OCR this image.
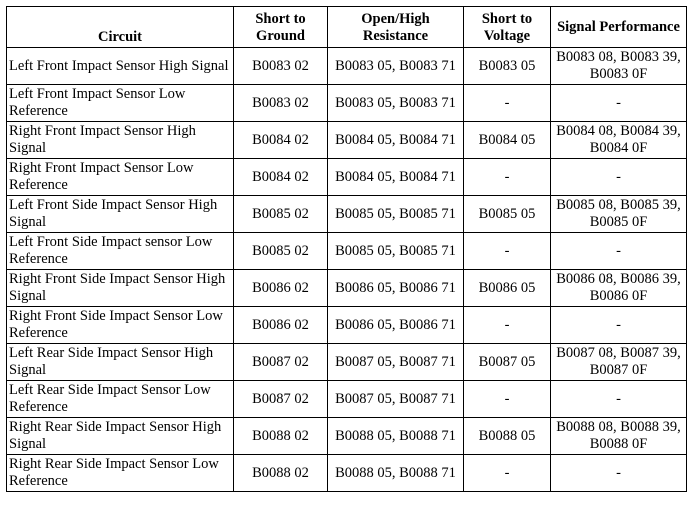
Circuit	Short to Ground	Open/High Resistance	Short to Voltage	Signal Performance
Left Front Impact Sensor High Signal	B0083 02	B0083 05, B0083 71	B0083 05	B0083 08, B0083 39, B0083 0F
Left Front Impact Sensor Low Reference	B0083 02	B0083 05, B0083 71	-	-
Right Front Impact Sensor High Signal	B0084 02	B0084 05, B0084 71	B0084 05	B0084 08, B0084 39, B0084 0F
Right Front Impact Sensor Low Reference	B0084 02	B0084 05, B0084 71	-	-
Left Front Side Impact Sensor High Signal	B0085 02	B0085 05, B0085 71	B0085 05	B0085 08, B0085 39, B0085 0F
Left Front Side Impact sensor Low Reference	B0085 02	B0085 05, B0085 71	-	-
Right Front Side Impact Sensor High Signal	B0086 02	B0086 05, B0086 71	B0086 05	B0086 08, B0086 39, B0086 0F
Right Front Side Impact Sensor Low Reference	B0086 02	B0086 05, B0086 71	-	-
Left Rear Side Impact Sensor High Signal	B0087 02	B0087 05, B0087 71	B0087 05	B0087 08, B0087 39, B0087 0F
Left Rear Side Impact Sensor Low Reference	B0087 02	B0087 05, B0087 71	-	-
Right Rear Side Impact Sensor High Signal	B0088 02	B0088 05, B0088 71	B0088 05	B0088 08, B0088 39, B0088 0F
Right Rear Side Impact Sensor Low Reference	B0088 02	B0088 05, B0088 71	-	-
